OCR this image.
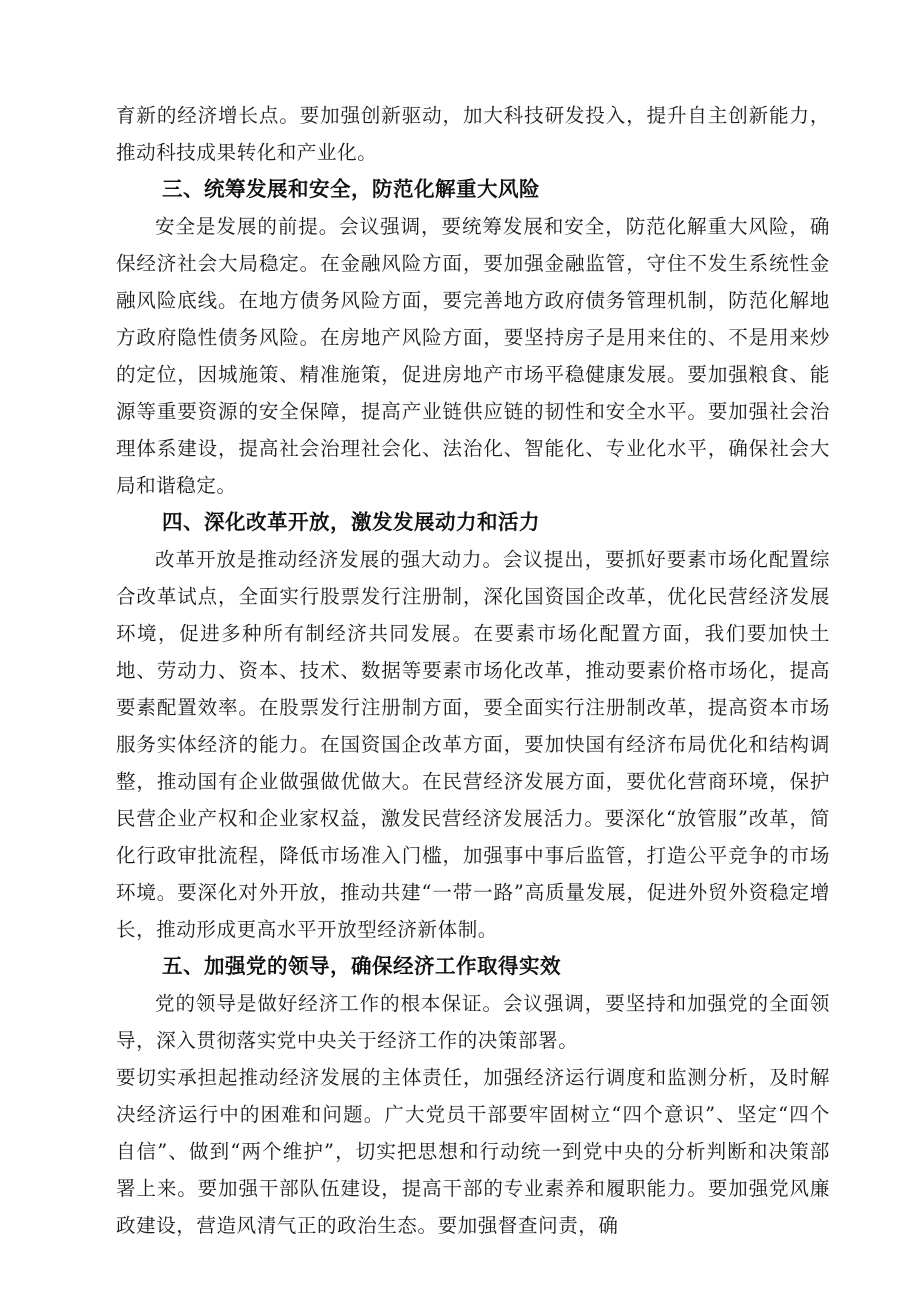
育新的经济增长点。要加强创新驱动，加大科技研发投入，提升自主创新能力，推动科技成果转化和产业化。

三、统筹发展和安全，防范化解重大风险

安全是发展的前提。会议强调，要统筹发展和安全，防范化解重大风险，确保经济社会大局稳定。在金融风险方面，要加强金融监管，守住不发生系统性金融风险底线。在地方债务风险方面，要完善地方政府债务管理机制，防范化解地方政府隐性债务风险。在房地产风险方面，要坚持房子是用来住的、不是用来炒的定位，因城施策、精准施策，促进房地产市场平稳健康发展。要加强粮食、能源等重要资源的安全保障，提高产业链供应链的韧性和安全水平。要加强社会治理体系建设，提高社会治理社会化、法治化、智能化、专业化水平，确保社会大局和谐稳定。

四、深化改革开放，激发发展动力和活力

改革开放是推动经济发展的强大动力。会议提出，要抓好要素市场化配置综合改革试点，全面实行股票发行注册制，深化国资国企改革，优化民营经济发展环境，促进多种所有制经济共同发展。在要素市场化配置方面，我们要加快土地、劳动力、资本、技术、数据等要素市场化改革，推动要素价格市场化，提高要素配置效率。在股票发行注册制方面，要全面实行注册制改革，提高资本市场服务实体经济的能力。在国资国企改革方面，要加快国有经济布局优化和结构调整，推动国有企业做强做优做大。在民营经济发展方面，要优化营商环境，保护民营企业产权和企业家权益，激发民营经济发展活力。要深化“放管服”改革，简化行政审批流程，降低市场准入门槛，加强事中事后监管，打造公平竞争的市场环境。要深化对外开放，推动共建“一带一路”高质量发展，促进外贸外资稳定增长，推动形成更高水平开放型经济新体制。

五、加强党的领导，确保经济工作取得实效

党的领导是做好经济工作的根本保证。会议强调，要坚持和加强党的全面领导，深入贯彻落实党中央关于经济工作的决策部署。

要切实承担起推动经济发展的主体责任，加强经济运行调度和监测分析，及时解决经济运行中的困难和问题。广大党员干部要牢固树立“四个意识”、坚定“四个自信”、做到“两个维护”，切实把思想和行动统一到党中央的分析判断和决策部署上来。要加强干部队伍建设，提高干部的专业素养和履职能力。要加强党风廉政建设，营造风清气正的政治生态。要加强督查问责，确
